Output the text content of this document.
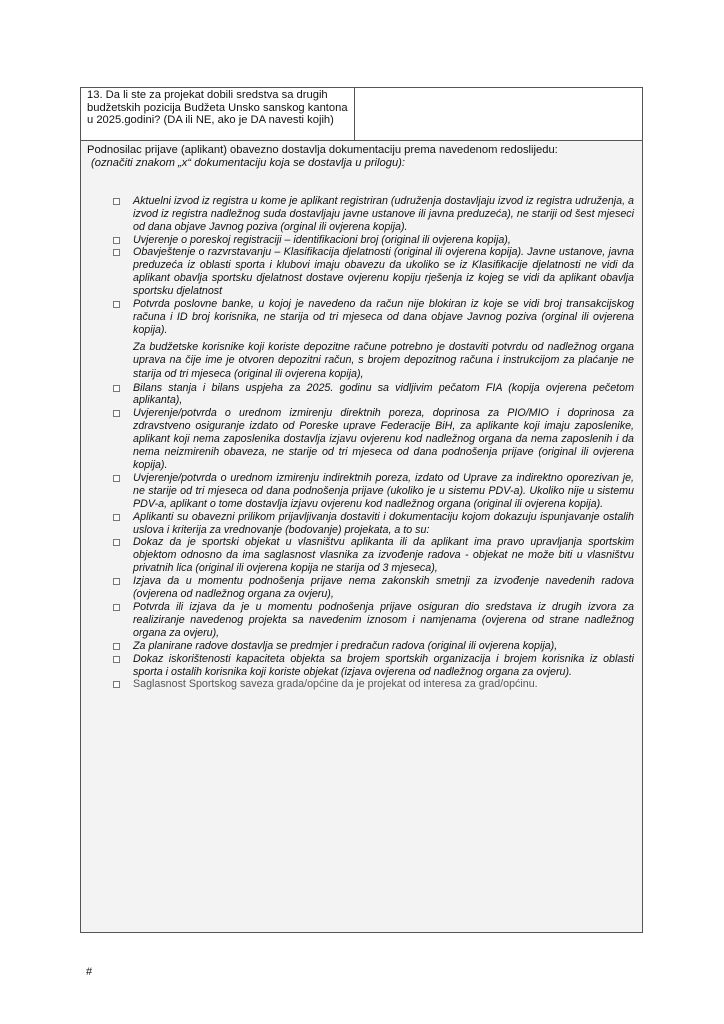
13. Da li ste za projekat dobili sredstva sa drugih budžetskih pozicija Budžeta Unsko sanskog kantona u 2025.godini? (DA ili NE, ako je DA navesti kojih)
Podnosilac prijave (aplikant) obavezno dostavlja dokumentaciju prema navedenom redoslijedu:
(označiti znakom „x“ dokumentaciju koja se dostavlja u prilogu):
Aktuelni izvod iz registra u kome je aplikant registriran (udruženja dostavljaju izvod iz registra udruženja, a izvod iz registra nadležnog suda dostavljaju javne ustanove ili javna preduzeća), ne stariji od šest mjeseci od dana objave Javnog poziva (orginal ili ovjerena kopija).
Uvjerenje o poreskoj registraciji – identifikacioni broj (original ili ovjerena kopija),
Obavještenje o razvrstavanju – Klasifikacija djelatnosti (original ili ovjerena kopija). Javne ustanove, javna preduzeća iz oblasti sporta i klubovi imaju obavezu da ukoliko se iz Klasifikacije djelatnosti ne vidi da aplikant obavlja sportsku djelatnost dostave ovjerenu kopiju rješenja iz kojeg se vidi da aplikant obavlja sportsku djelatnost
Potvrda poslovne banke, u kojoj je navedeno da račun nije blokiran iz koje se vidi broj transakcijskog računa i ID broj korisnika, ne starija od tri mjeseca od dana objave Javnog poziva (orginal ili ovjerena kopija).
Za budžetske korisnike koji koriste depozitne račune potrebno je dostaviti potvrdu od nadležnog organa uprava na čije ime je otvoren depozitni račun, s brojem depozitnog računa i instrukcijom za plaćanje ne starija od tri mjeseca (original ili ovjerena kopija),
Bilans stanja i bilans uspjeha za 2025. godinu sa vidljivim pečatom FIA (kopija ovjerena pečetom aplikanta),
Uvjerenje/potvrda o urednom izmirenju direktnih poreza, doprinosa za PIO/MIO i doprinosa za zdravstveno osiguranje izdato od Poreske uprave Federacije BiH, za aplikante koji imaju zaposlenike, aplikant koji nema zaposlenika dostavlja izjavu ovjerenu kod nadležnog organa da nema zaposlenih i da nema neizmirenih obaveza, ne starije od tri mjeseca od dana podnošenja prijave (original ili ovjerena kopija).
Uvjerenje/potvrda o urednom izmirenju indirektnih poreza, izdato od Uprave za indirektno oporezivan je, ne starije od tri mjeseca od dana podnošenja prijave (ukoliko je u sistemu PDV-a). Ukoliko nije u sistemu PDV-a, aplikant o tome dostavlja izjavu ovjerenu kod nadležnog organa (original ili ovjerena kopija).
Aplikanti su obavezni prilikom prijavljivanja dostaviti i dokumentaciju kojom dokazuju ispunjavanje ostalih uslova i kriterija za vrednovanje (bodovanje) projekata, a to su:
Dokaz da je sportski objekat u vlasništvu aplikanta ili da aplikant ima pravo upravljanja sportskim objektom odnosno da ima saglasnost vlasnika za izvođenje radova - objekat ne može biti u vlasništvu privatnih lica (original ili ovjerena kopija ne starija od 3 mjeseca),
Izjava da u momentu podnošenja prijave nema zakonskih smetnji za izvođenje navedenih radova (ovjerena od nadležnog organa za ovjeru),
Potvrda ili izjava da je u momentu podnošenja prijave osiguran dio sredstava iz drugih izvora za realiziranje navedenog projekta sa navedenim iznosom i namjenama (ovjerena od strane nadležnog organa za ovjeru),
Za planirane radove dostavlja se predmjer i predračun radova (original ili ovjerena kopija),
Dokaz iskorištenosti kapaciteta objekta sa brojem sportskih organizacija i brojem korisnika iz oblasti sporta i ostalih korisnika koji koriste objekat (izjava ovjerena od nadležnog organa za ovjeru).
Saglasnost Sportskog saveza grada/općine da je projekat od interesa za grad/općinu.
#
